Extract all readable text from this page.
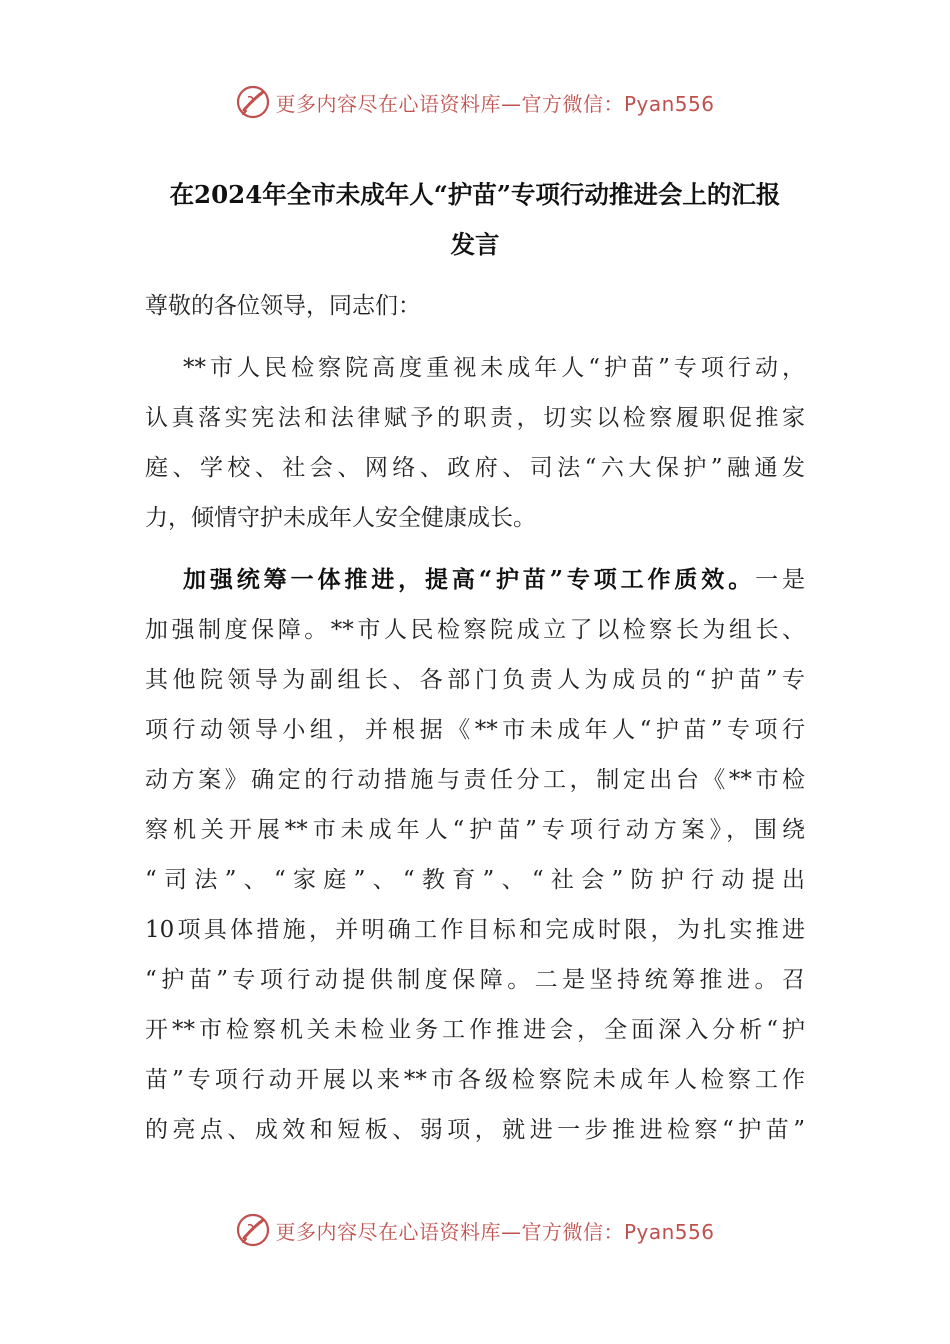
更多内容尽在心语资料库—官方微信：Pyan556
在2024年全市未成年人“护苗”专项行动推进会上的汇报
发言
尊敬的各位领导，同志们：
**市人民检察院高度重视未成年人“护苗”专项行动，
认真落实宪法和法律赋予的职责，切实以检察履职促推家
庭、学校、社会、网络、政府、司法“六大保护”融通发
力，倾情守护未成年人安全健康成长。
加强统筹一体推进，提高“护苗”专项工作质效。一是
加强制度保障。**市人民检察院成立了以检察长为组长、
其他院领导为副组长、各部门负责人为成员的“护苗”专
项行动领导小组，并根据《**市未成年人“护苗”专项行
动方案》确定的行动措施与责任分工，制定出台《**市检
察机关开展**市未成年人“护苗”专项行动方案》，围绕
“司法”、“家庭”、“教育”、“社会”防护行动提出
10项具体措施，并明确工作目标和完成时限，为扎实推进
“护苗”专项行动提供制度保障。二是坚持统筹推进。召
开**市检察机关未检业务工作推进会，全面深入分析“护
苗”专项行动开展以来**市各级检察院未成年人检察工作
的亮点、成效和短板、弱项，就进一步推进检察“护苗”
更多内容尽在心语资料库—官方微信：Pyan556
